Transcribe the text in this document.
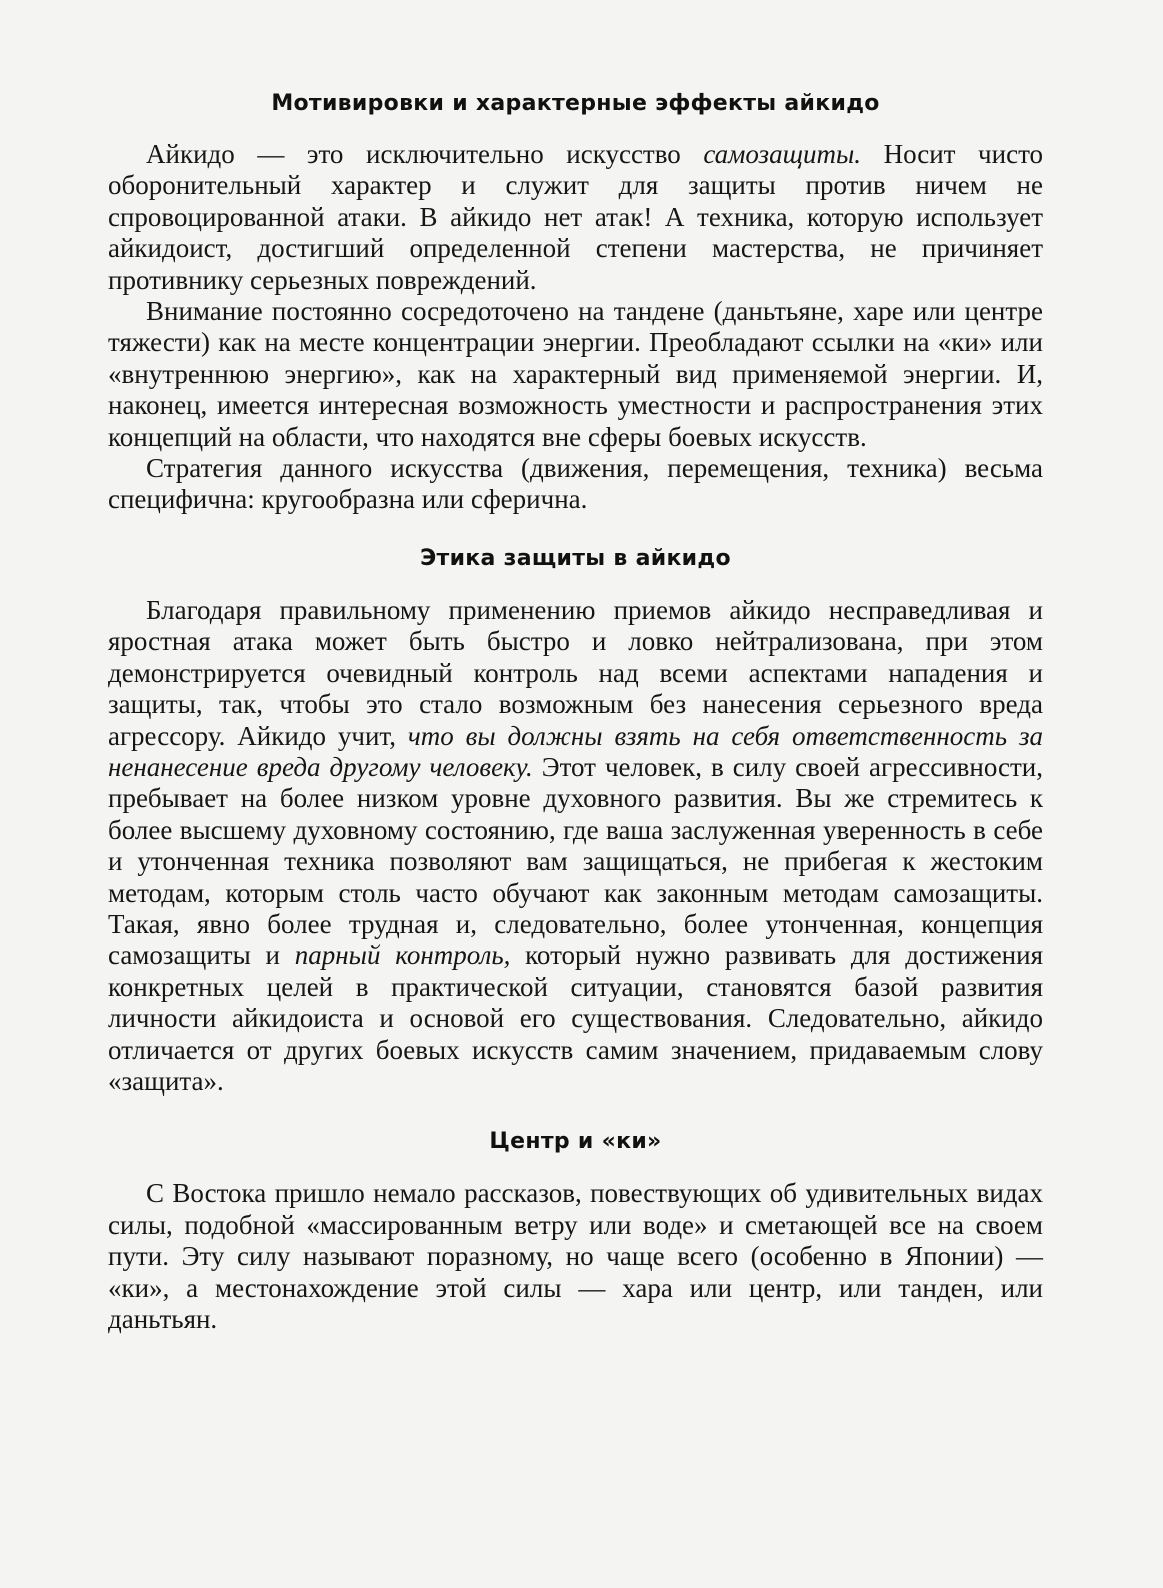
Мотивировки и характерные эффекты айкидо

Айкидо — это исключительно искусство самозащиты. Носит чисто оборонительный характер и служит для защиты против ничем не спровоцированной атаки. В айкидо нет атак! А техника, которую использует айкидоист, достигший определенной степени мастерства, не причиняет противнику серьезных повреждений.

Внимание постоянно сосредоточено на тандене (даньтьяне, харе или центре тяжести) как на месте концентрации энергии. Преобладают ссылки на «ки» или «внутреннюю энергию», как на характерный вид применяемой энергии. И, наконец, имеется интересная возможность уместности и распространения этих концепций на области, что находятся вне сферы боевых искусств.

Стратегия данного искусства (движения, перемещения, техника) весьма специфична: кругообразна или сферична.

Этика защиты в айкидо

Благодаря правильному применению приемов айкидо несправедливая и яростная атака может быть быстро и ловко нейтрализована, при этом демонстрируется очевидный контроль над всеми аспектами нападения и защиты, так, чтобы это стало возможным без нанесения серьезного вреда агрессору. Айкидо учит, что вы должны взять на себя ответственность за ненанесение вреда другому человеку. Этот человек, в силу своей агрессивности, пребывает на более низком уровне духовного развития. Вы же стремитесь к более высшему духовному состоянию, где ваша заслуженная уверенность в себе и утонченная техника позволяют вам защищаться, не прибегая к жестоким методам, которым столь часто обучают как законным методам самозащиты. Такая, явно более трудная и, следовательно, более утонченная, концепция самозащиты и парный контроль, который нужно развивать для достижения конкретных целей в практической ситуации, становятся базой развития личности айкидоиста и основой его существования. Следовательно, айкидо отличается от других боевых искусств самим значением, придаваемым слову «защита».

Центр и «ки»

С Востока пришло немало рассказов, повествующих об удивительных видах силы, подобной «массированным ветру или воде» и сметающей все на своем пути. Эту силу называют поразному, но чаще всего (особенно в Японии) — «ки», а местонахождение этой силы — хара или центр, или танден, или даньтьян.
